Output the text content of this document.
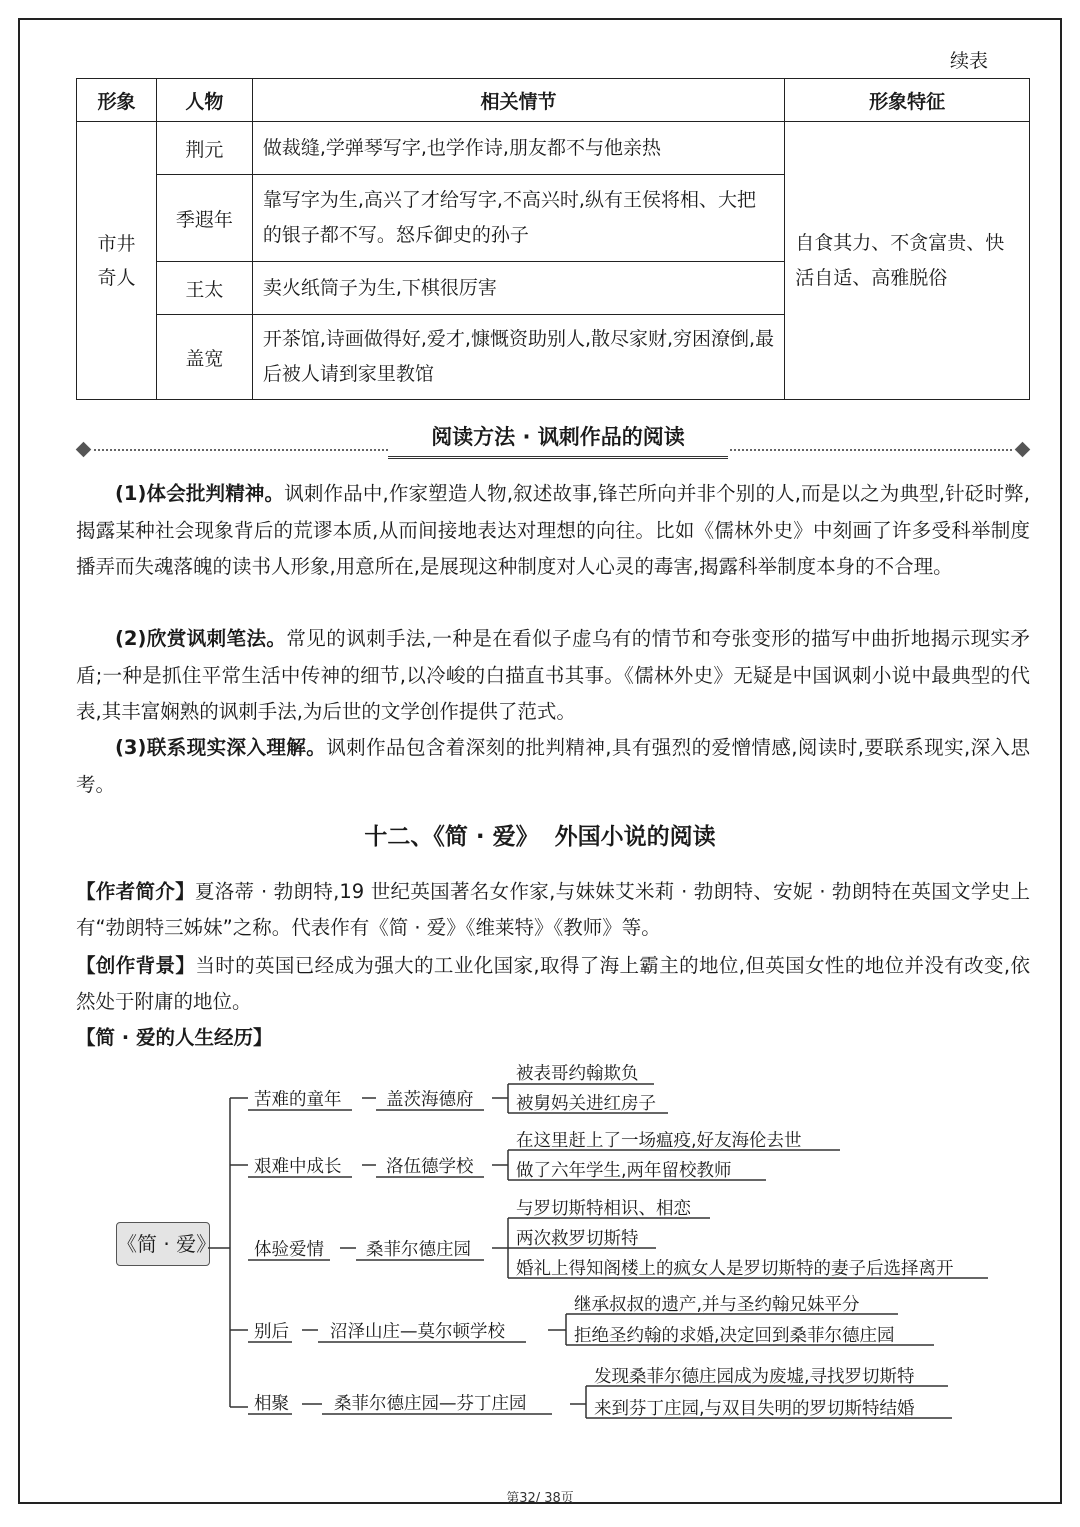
续表
形象	人物	相关情节	形象特征
市井奇人	荆元	做裁缝,学弹琴写字,也学作诗,朋友都不与他亲热	自食其力、不贪富贵、快活自适、高雅脱俗
	季遐年	靠写字为生,高兴了才给写字,不高兴时,纵有王侯将相、大把的银子都不写。怒斥御史的孙子	
	王太	卖火纸筒子为生,下棋很厉害	
	盖宽	开茶馆,诗画做得好,爱才,慷慨资助别人,散尽家财,穷困潦倒,最后被人请到家里教馆	
阅读方法 · 讽刺作品的阅读

(1)体会批判精神。讽刺作品中,作家塑造人物,叙述故事,锋芒所向并非个别的人,而是以之为典型,针砭时弊,揭露某种社会现象背后的荒谬本质,从而间接地表达对理想的向往。比如《儒林外史》中刻画了许多受科举制度播弄而失魂落魄的读书人形象,用意所在,是展现这种制度对人心灵的毒害,揭露科举制度本身的不合理。

(2)欣赏讽刺笔法。常见的讽刺手法,一种是在看似子虚乌有的情节和夸张变形的描写中曲折地揭示现实矛盾;一种是抓住平常生活中传神的细节,以冷峻的白描直书其事。《儒林外史》无疑是中国讽刺小说中最典型的代表,其丰富娴熟的讽刺手法,为后世的文学创作提供了范式。

(3)联系现实深入理解。讽刺作品包含着深刻的批判精神,具有强烈的爱憎情感,阅读时,要联系现实,深入思考。

十二、《简 · 爱》  外国小说的阅读

【作者简介】夏洛蒂 · 勃朗特,19 世纪英国著名女作家,与妹妹艾米莉 · 勃朗特、安妮 · 勃朗特在英国文学史上有“勃朗特三姊妹”之称。代表作有《简 · 爱》《维莱特》《教师》等。

【创作背景】当时的英国已经成为强大的工业化国家,取得了海上霸主的地位,但英国女性的地位并没有改变,依然处于附庸的地位。

【简 · 爱的人生经历】

《简 · 爱》
苦难的童年
艰难中成长
体验爱情
别后
相聚
盖茨海德府
洛伍德学校
桑菲尔德庄园
沼泽山庄—莫尔顿学校
桑菲尔德庄园—芬丁庄园
被表哥约翰欺负
被舅妈关进红房子
在这里赶上了一场瘟疫,好友海伦去世
做了六年学生,两年留校教师
与罗切斯特相识、相恋
两次救罗切斯特
婚礼上得知阁楼上的疯女人是罗切斯特的妻子后选择离开
继承叔叔的遗产,并与圣约翰兄妹平分
拒绝圣约翰的求婚,决定回到桑菲尔德庄园
发现桑菲尔德庄园成为废墟,寻找罗切斯特
来到芬丁庄园,与双目失明的罗切斯特结婚
第32/ 38页
